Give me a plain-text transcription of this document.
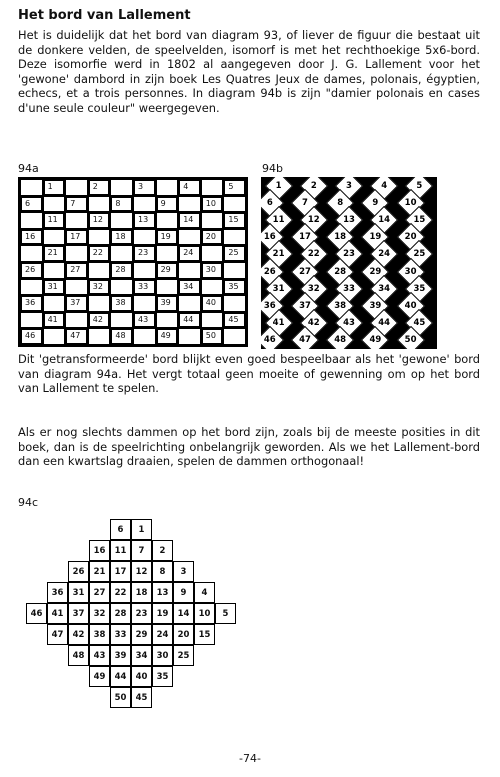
Het bord van Lallement

Het is duidelijk dat het bord van diagram 93, of liever de figuur die bestaat uit de donkere velden, de speelvelden, isomorf is met het rechthoekige 5x6-bord. Deze isomorfie werd in 1802 al aangegeven door J. G. Lallement voor het 'gewone' dambord in zijn boek Les Quatres Jeux de dames, polonais, égyptien, echecs, et a trois personnes. In diagram 94b is zijn "damier polonais en cases d'une seule couleur" weergegeven.

94a	94b
1	2	3	4	5
6	7	8	9	10
11	12	13	14	15
16	17	18	19	20
21	22	23	24	25
26	27	28	29	30
31	32	33	34	35
36	37	38	39	40
41	42	43	44	45
46	47	48	49	50
1	2	3	4	5
6	7	8	9	10
11	12	13	14	15
16	17	18	19	20
21	22	23	24	25
26	27	28	29	30
31	32	33	34	35
36	37	38	39	40
41	42	43	44	45
46	47	48	49	50

Dit 'getransformeerde' bord blijkt even goed bespeelbaar als het 'gewone' bord van diagram 94a. Het vergt totaal geen moeite of gewenning om op het bord van Lallement te spelen.

Als er nog slechts dammen op het bord zijn, zoals bij de meeste posities in dit boek, dan is de speelrichting onbelangrijk geworden. Als we het Lallement-bord dan een kwartslag draaien, spelen de dammen orthogonaal!

94c
6	1
16	11	7	2
26	21	17	12	8	3
36	31	27	22	18	13	9	4
46	41	37	32	28	23	19	14	10	5
47	42	38	33	29	24	20	15
48	43	39	34	30	25
49	44	40	35
50	45
-74-
